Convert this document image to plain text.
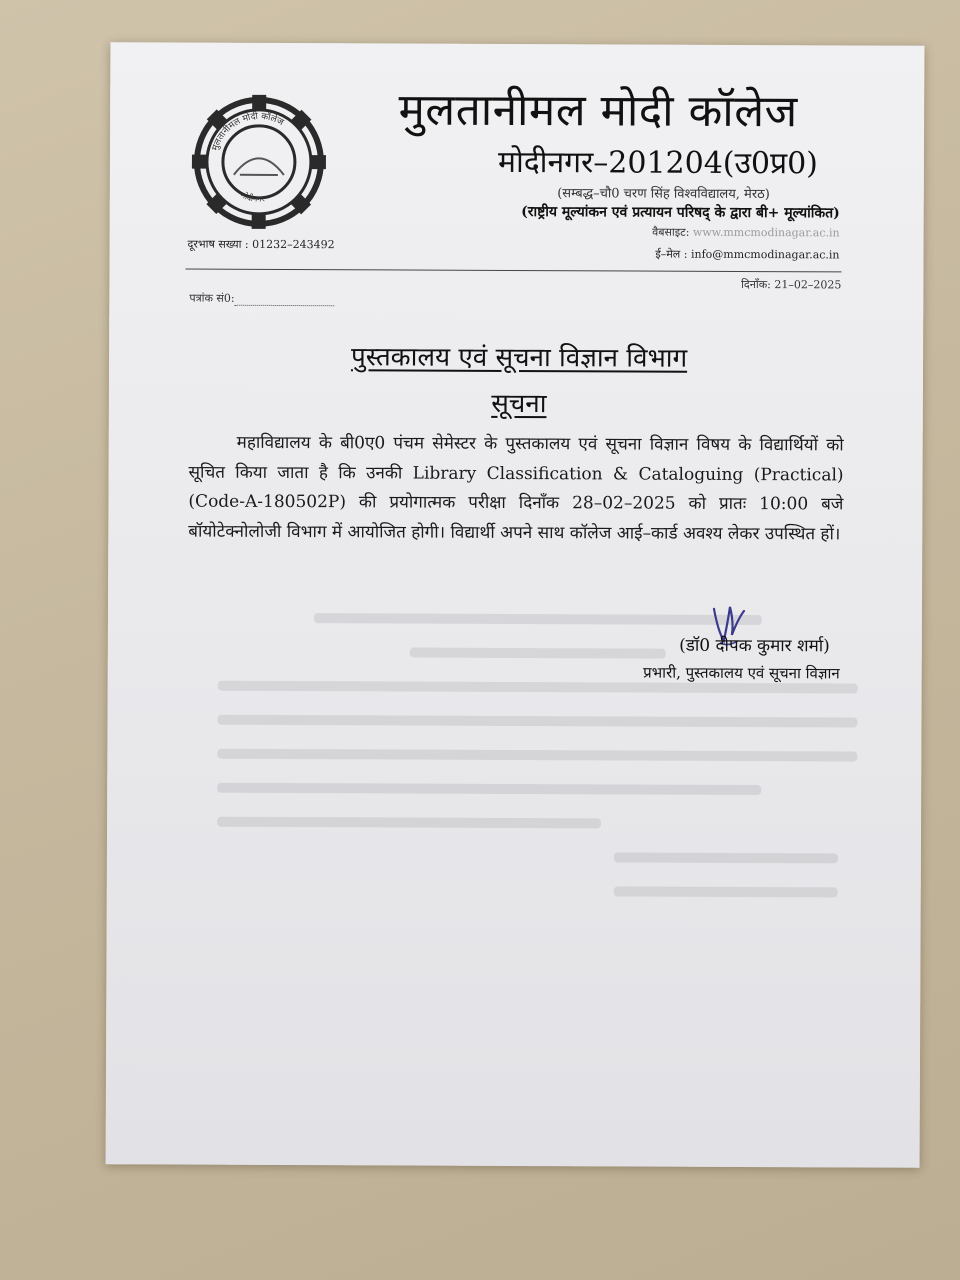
मुलतानीमल मोदी कॉलेज
मोदीनगर
मुलतानीमल मोदी कॉलेज
मोदीनगर–201204(उ0प्र0)
(सम्बद्ध–चौ0 चरण सिंह विश्वविद्यालय, मेरठ)
(राष्ट्रीय मूल्यांकन एवं प्रत्यायन परिषद् के द्वारा बी+ मूल्यांकित)
दूरभाष सख्या : 01232–243492
वैबसाइट: www.mmcmodinagar.ac.in
ई–मेल : info@mmcmodinagar.ac.in
दिनाँक: 21–02–2025
पत्रांक सं0:
पुस्तकालय एवं सूचना विज्ञान विभाग
सूचना
महाविद्यालय के बी0ए0 पंचम सेमेस्टर के पुस्तकालय एवं सूचना विज्ञान विषय के विद्यार्थियों को सूचित किया जाता है कि उनकी Library Classification & Cataloguing (Practical) (Code-A-180502P) की प्रयोगात्मक परीक्षा दिनाँक 28–02–2025 को प्रातः 10:00 बजे बॉयोटेक्नोलोजी विभाग में आयोजित होगी। विद्यार्थी अपने साथ कॉलेज आई–कार्ड अवश्य लेकर उपस्थित हों।
(डॉ0 दीपक कुमार शर्मा)
प्रभारी, पुस्तकालय एवं सूचना विज्ञान
